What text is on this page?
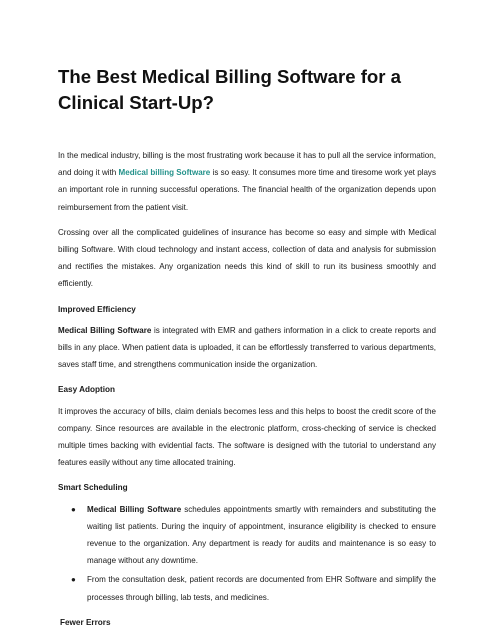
The Best Medical Billing Software for a Clinical Start-Up?

In the medical industry, billing is the most frustrating work because it has to pull all the service information, and doing it with Medical billing Software is so easy. It consumes more time and tiresome work yet plays an important role in running successful operations. The financial health of the organization depends upon reimbursement from the patient visit.

Crossing over all the complicated guidelines of insurance has become so easy and simple with Medical billing Software. With cloud technology and instant access, collection of data and analysis for submission and rectifies the mistakes. Any organization needs this kind of skill to run its business smoothly and efficiently.

Improved Efficiency

Medical Billing Software is integrated with EMR and gathers information in a click to create reports and bills in any place. When patient data is uploaded, it can be effortlessly transferred to various departments, saves staff time, and strengthens communication inside the organization.

Easy Adoption

It improves the accuracy of bills, claim denials becomes less and this helps to boost the credit score of the company. Since resources are available in the electronic platform, cross-checking of service is checked multiple times backing with evidential facts. The software is designed with the tutorial to understand any features easily without any time allocated training.

Smart Scheduling
● Medical Billing Software schedules appointments smartly with remainders and substituting the waiting list patients. During the inquiry of appointment, insurance eligibility is checked to ensure revenue to the organization. Any department is ready for audits and maintenance is so easy to manage without any downtime.
● From the consultation desk, patient records are documented from EHR Software and simplify the processes through billing, lab tests, and medicines.
Fewer Errors
